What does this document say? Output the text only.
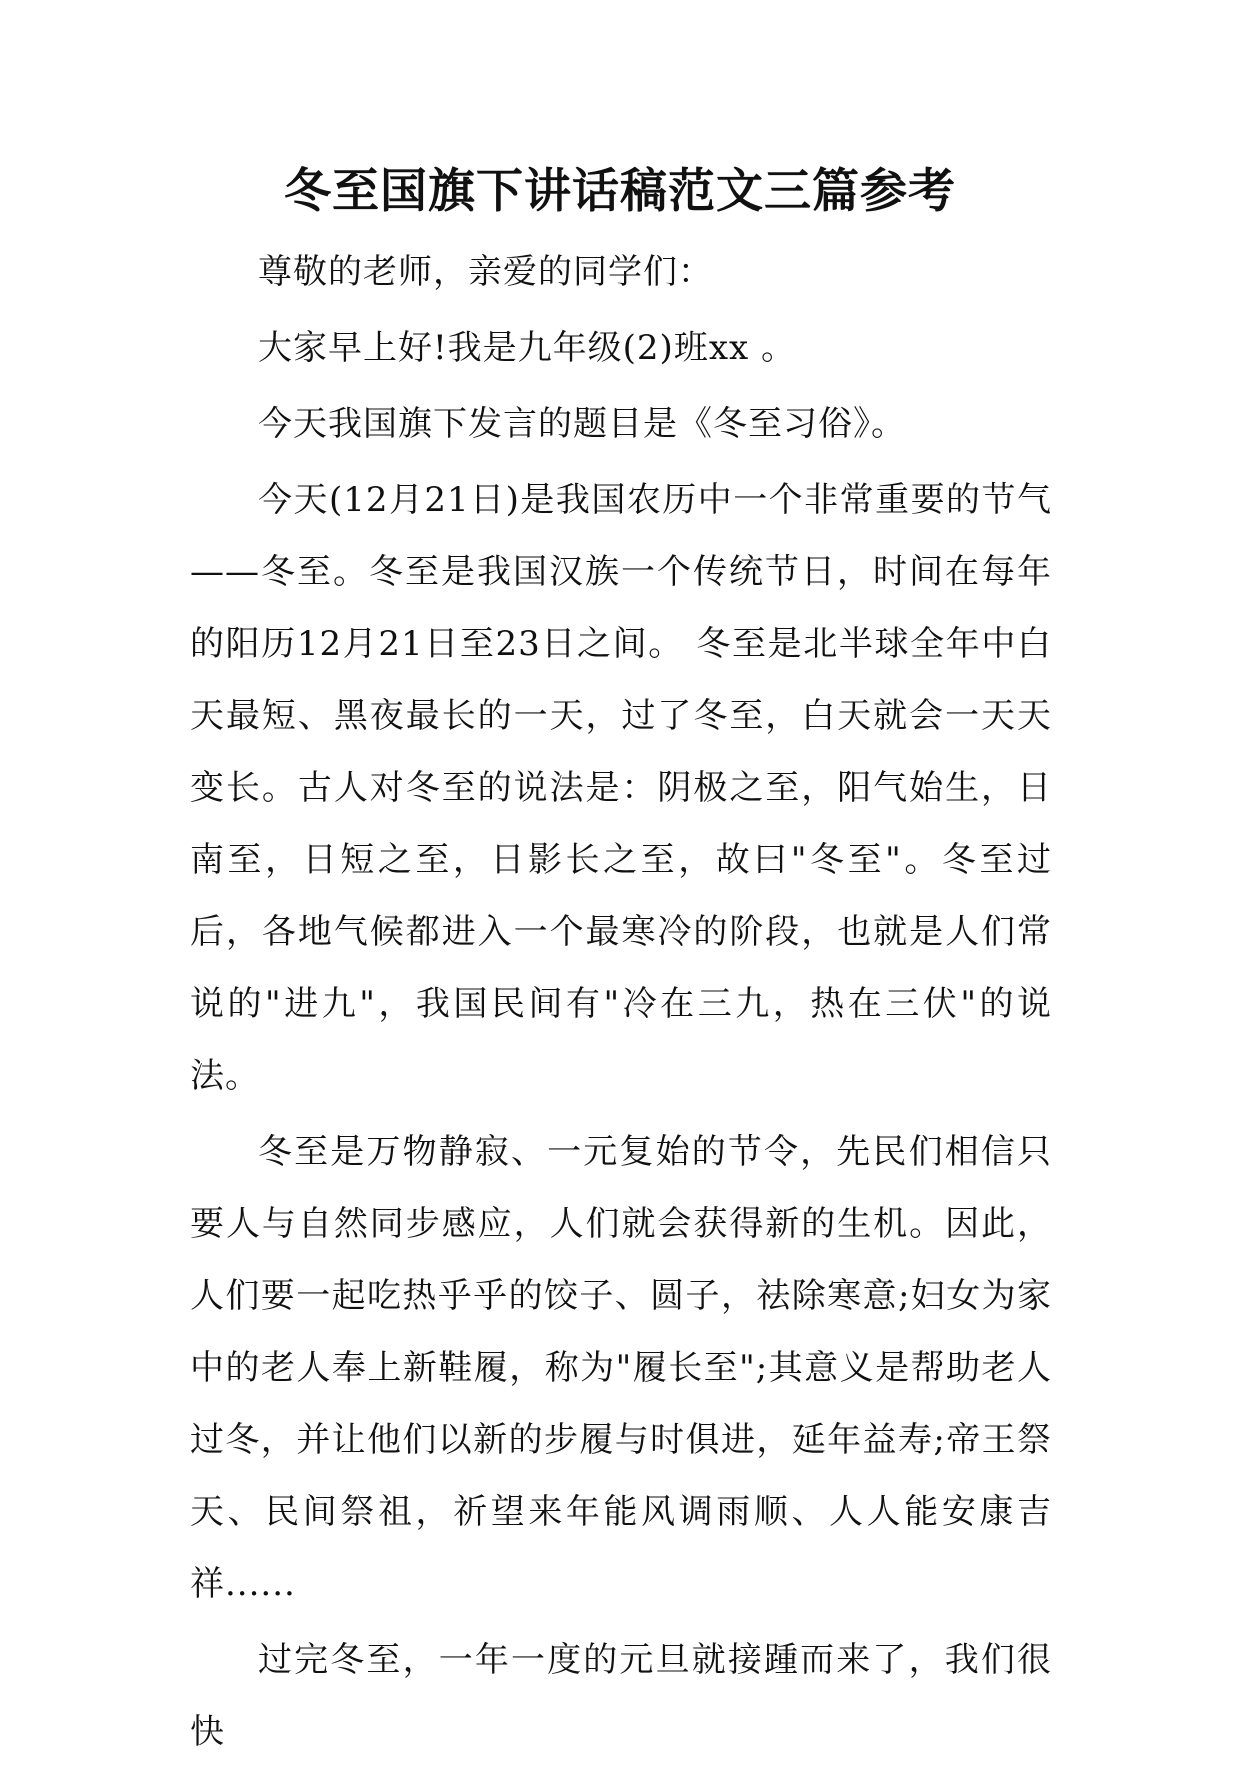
冬至国旗下讲话稿范文三篇参考

尊敬的老师，亲爱的同学们：

大家早上好!我是九年级(2)班xx 。

今天我国旗下发言的题目是《冬至习俗》。

今天(12月21日)是我国农历中一个非常重要的节气——冬至。冬至是我国汉族一个传统节日，时间在每年的阳历12月21日至23日之间。 冬至是北半球全年中白天最短、黑夜最长的一天，过了冬至，白天就会一天天变长。古人对冬至的说法是：阴极之至，阳气始生，日南至，日短之至，日影长之至，故曰"冬至"。冬至过后，各地气候都进入一个最寒冷的阶段，也就是人们常说的"进九"，我国民间有"冷在三九，热在三伏"的说法。

冬至是万物静寂、一元复始的节令，先民们相信只要人与自然同步感应，人们就会获得新的生机。因此，人们要一起吃热乎乎的饺子、圆子，祛除寒意;妇女为家中的老人奉上新鞋履，称为"履长至";其意义是帮助老人过冬，并让他们以新的步履与时俱进，延年益寿;帝王祭天、民间祭祖，祈望来年能风调雨顺、人人能安康吉祥......

过完冬至，一年一度的元旦就接踵而来了，我们很快
